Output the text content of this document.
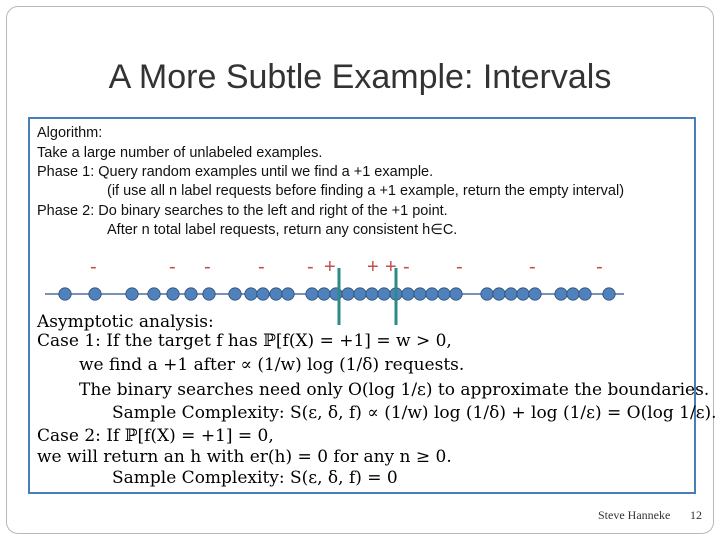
A More Subtle Example: Intervals
Algorithm:
Take a large number of unlabeled examples.
Phase 1: Query random examples until we find a +1 example.
(if use all n label requests before finding a +1 example, return the empty interval)
Phase 2: Do binary searches to the left and right of the +1 point.
After n total label requests, return any consistent h∈C.
-	- - - - + + + - -	-	-
Asymptotic analysis:
Case 1: If the target f has ℙ[f(X) = +1] = w > 0,
we find a +1 after ∝ (1/w) log (1/δ) requests.
The binary searches need only O(log 1/ε) to approximate the boundaries.
Sample Complexity: S(ε, δ, f) ∝ (1/w) log (1/δ) + log (1/ε) = O(log 1/ε).
Case 2: If ℙ[f(X) = +1] = 0,
we will return an h with er(h) = 0 for any n ≥ 0.
Sample Complexity: S(ε, δ, f) = 0
Steve Hanneke 12
